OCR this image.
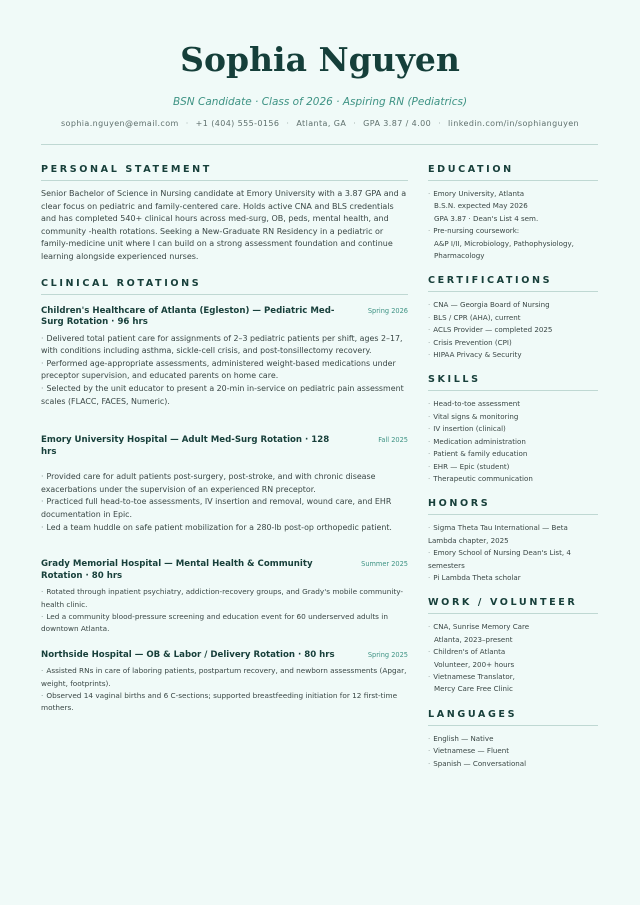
Sophia Nguyen
BSN Candidate · Class of 2026 · Aspiring RN (Pediatrics)
sophia.nguyen@email.com · +1 (404) 555-0156 · Atlanta, GA · GPA 3.87 / 4.00 · linkedin.com/in/sophianguyen
PERSONAL STATEMENT

Senior Bachelor of Science in Nursing candidate at Emory University with a 3.87 GPA and a clear focus on pediatric and family-centered care. Holds active CNA and BLS credentials and has completed 540+ clinical hours across med-surg, OB, peds, mental health, and community -health rotations. Seeking a New-Graduate RN Residency in a pediatric or family-medicine unit where I can build on a strong assessment foundation and continue learning alongside experienced nurses.

CLINICAL ROTATIONS
Children's Healthcare of Atlanta (Egleston) — Pediatric Med-Surg Rotation · 96 hrs
Spring 2026
· Delivered total patient care for assignments of 2–3 pediatric patients per shift, ages 2–17, with conditions including asthma, sickle-cell crisis, and post-tonsillectomy recovery.
· Performed age-appropriate assessments, administered weight-based medications under preceptor supervision, and educated parents on home care.
· Selected by the unit educator to present a 20-min in-service on pediatric pain assessment scales (FLACC, FACES, Numeric).
Emory University Hospital — Adult Med-Surg Rotation · 128 hrs
Fall 2025
· Provided care for adult patients post-surgery, post-stroke, and with chronic disease exacerbations under the supervision of an experienced RN preceptor.
· Practiced full head-to-toe assessments, IV insertion and removal, wound care, and EHR documentation in Epic.
· Led a team huddle on safe patient mobilization for a 280-lb post-op orthopedic patient.
Grady Memorial Hospital — Mental Health & Community Rotation · 80 hrs
Summer 2025
· Rotated through inpatient psychiatry, addiction-recovery groups, and Grady's mobile community-health clinic.
· Led a community blood-pressure screening and education event for 60 underserved adults in downtown Atlanta.
Northside Hospital — OB & Labor / Delivery Rotation · 80 hrs	Spring 2025
· Assisted RNs in care of laboring patients, postpartum recovery, and newborn assessments (Apgar, weight, footprints).
· Observed 14 vaginal births and 6 C-sections; supported breastfeeding initiation for 12 first-time mothers.
EDUCATION
· Emory University, Atlanta
B.S.N. expected May 2026
GPA 3.87 · Dean's List 4 sem.
· Pre-nursing coursework:
A&P I/II, Microbiology, Pathophysiology, Pharmacology
CERTIFICATIONS
· CNA — Georgia Board of Nursing
· BLS / CPR (AHA), current
· ACLS Provider — completed 2025
· Crisis Prevention (CPI)
· HIPAA Privacy & Security
SKILLS
· Head-to-toe assessment
· Vital signs & monitoring
· IV insertion (clinical)
· Medication administration
· Patient & family education
· EHR — Epic (student)
· Therapeutic communication
HONORS
· Sigma Theta Tau International — Beta Lambda chapter, 2025
· Emory School of Nursing Dean's List, 4 semesters
· Pi Lambda Theta scholar
WORK / VOLUNTEER
· CNA, Sunrise Memory Care
Atlanta, 2023–present
· Children's of Atlanta
Volunteer, 200+ hours
· Vietnamese Translator,
Mercy Care Free Clinic
LANGUAGES
· English — Native
· Vietnamese — Fluent
· Spanish — Conversational
